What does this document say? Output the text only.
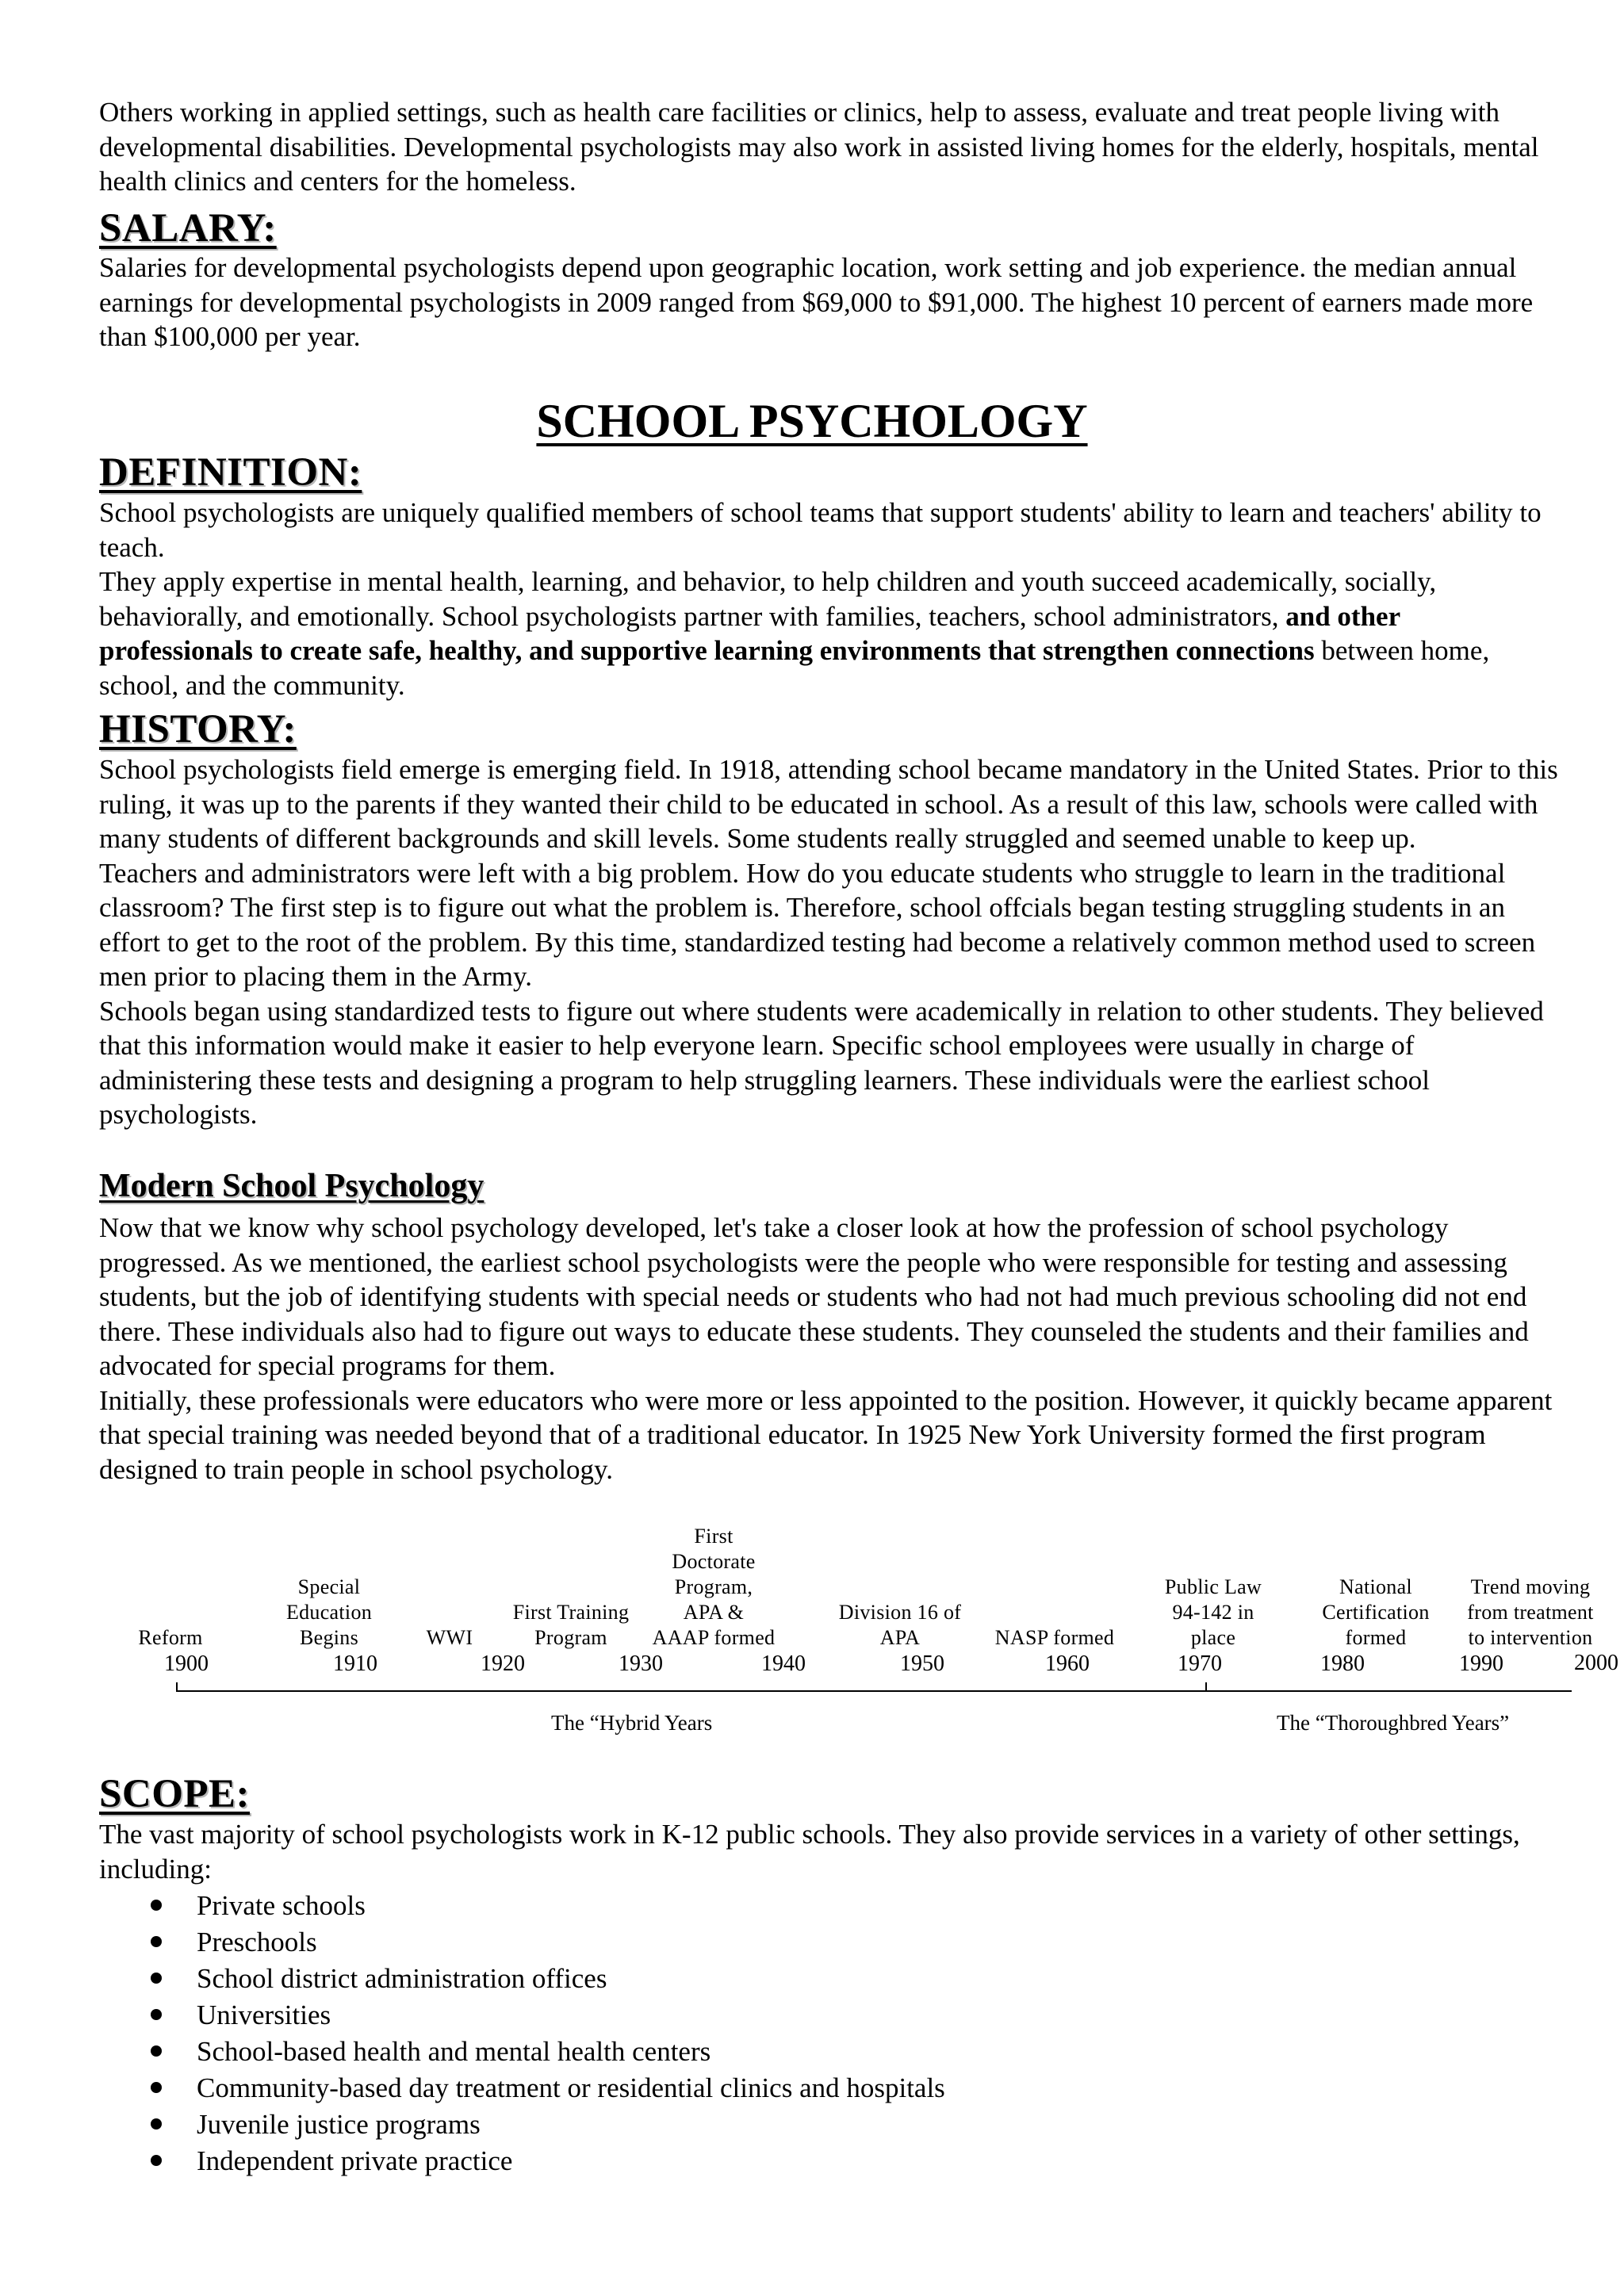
Others working in applied settings, such as health care facilities or clinics, help to assess, evaluate and treat people living with developmental disabilities. Developmental psychologists may also work in assisted living homes for the elderly, hospitals, mental health clinics and centers for the homeless.

SALARY:

Salaries for developmental psychologists depend upon geographic location, work setting and job experience. the median annual earnings for developmental psychologists in 2009 ranged from $69,000 to $91,000. The highest 10 percent of earners made more than $100,000 per year.

SCHOOL PSYCHOLOGY
DEFINITION:

School psychologists are uniquely qualified members of school teams that support students' ability to learn and teachers' ability to teach.

They apply expertise in mental health, learning, and behavior, to help children and youth succeed academically, socially, behaviorally, and emotionally. School psychologists partner with families, teachers, school administrators, and other professionals to create safe, healthy, and supportive learning environments that strengthen connections between home, school, and the community.

HISTORY:

School psychologists field emerge is emerging field. In 1918, attending school became mandatory in the United States. Prior to this ruling, it was up to the parents if they wanted their child to be educated in school. As a result of this law, schools were called with many students of different backgrounds and skill levels. Some students really struggled and seemed unable to keep up.

Teachers and administrators were left with a big problem. How do you educate students who struggle to learn in the traditional classroom? The first step is to figure out what the problem is. Therefore, school offcials began testing struggling students in an effort to get to the root of the problem. By this time, standardized testing had become a relatively common method used to screen men prior to placing them in the Army.

Schools began using standardized tests to figure out where students were academically in relation to other students. They believed that this information would make it easier to help everyone learn. Specific school employees were usually in charge of administering these tests and designing a program to help struggling learners. These individuals were the earliest school psychologists.

Modern School Psychology

Now that we know why school psychology developed, let's take a closer look at how the profession of school psychology progressed. As we mentioned, the earliest school psychologists were the people who were responsible for testing and assessing students, but the job of identifying students with special needs or students who had not had much previous schooling did not end there. These individuals also had to figure out ways to educate these students. They counseled the students and their families and advocated for special programs for them.

Initially, these professionals were educators who were more or less appointed to the position. However, it quickly became apparent that special training was needed beyond that of a traditional educator. In 1925 New York University formed the first program designed to train people in school psychology.

Reform
Special
Education
Begins	WWI
First Training
Program
First
Doctorate
Program,
APA &
AAAP formed
Division 16 of
APA	NASP formed
Public Law
94-142 in
place
National
Certification
formed
Trend moving
from treatment
to intervention
1900	1910	1920	1930	1940	1950	1960	1970	1980	1990	2000
The “Hybrid Years	The “Thoroughbred Years”
SCOPE:

The vast majority of school psychologists work in K-12 public schools. They also provide services in a variety of other settings, including:

Private schools
Preschools
School district administration offices
Universities
School-based health and mental health centers
Community-based day treatment or residential clinics and hospitals
Juvenile justice programs
Independent private practice
